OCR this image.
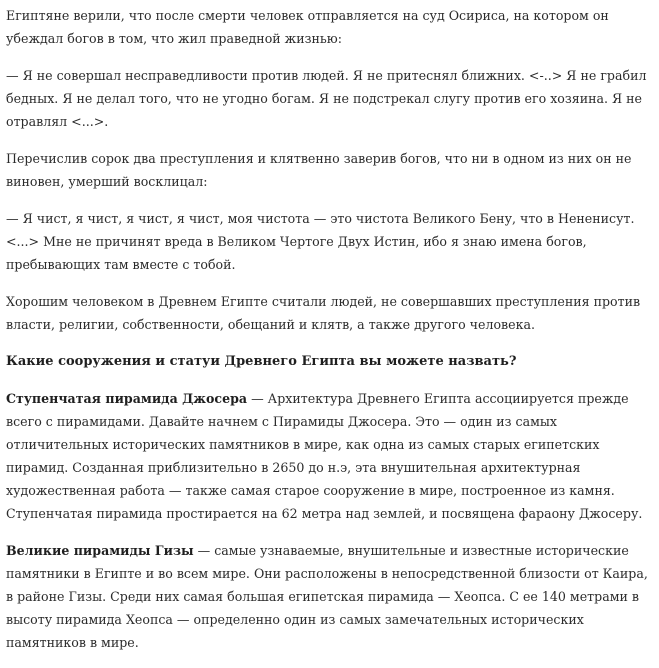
Египтяне верили, что после смерти человек отправляется на суд Осириса, на котором он убеждал богов в том, что жил праведной жизнью:

— Я не совершал несправедливости против людей. Я не притеснял ближних. <-..> Я не грабил бедных. Я не делал того, что не угодно богам. Я не подстрекал слугу против его хозяина. Я не отравлял <...>.

Перечислив сорок два преступления и клятвенно заверив богов, что ни в одном из них он не виновен, умерший восклицал:

— Я чист, я чист, я чист, я чист, моя чистота — это чистота Великого Бену, что в Нененисут. <...> Мне не причинят вреда в Великом Чертоге Двух Истин, ибо я знаю имена богов, пребывающих там вместе с тобой.

Хорошим человеком в Древнем Египте считали людей, не совершавших преступления против власти, религии, собственности, обещаний и клятв, а также другого человека.

Какие сооружения и статуи Древнего Египта вы можете назвать?

Ступенчатая пирамида Джосера — Архитектура Древнего Египта ассоциируется прежде всего с пирамидами. Давайте начнем с Пирамиды Джосера. Это — один из самых отличительных исторических памятников в мире, как одна из самых старых египетских пирамид. Созданная приблизительно в 2650 до н.э, эта внушительная архитектурная художественная работа — также самая старое сооружение в мире, построенное из камня. Ступенчатая пирамида простирается на 62 метра над землей, и посвящена фараону Джосеру.

Великие пирамиды Гизы — самые узнаваемые, внушительные и известные исторические памятники в Египте и во всем мире. Они расположены в непосредственной близости от Каира, в районе Гизы. Среди них самая большая египетская пирамида — Хеопса. С ее 140 метрами в высоту пирамида Хеопса — определенно один из самых замечательных исторических памятников в мире.
